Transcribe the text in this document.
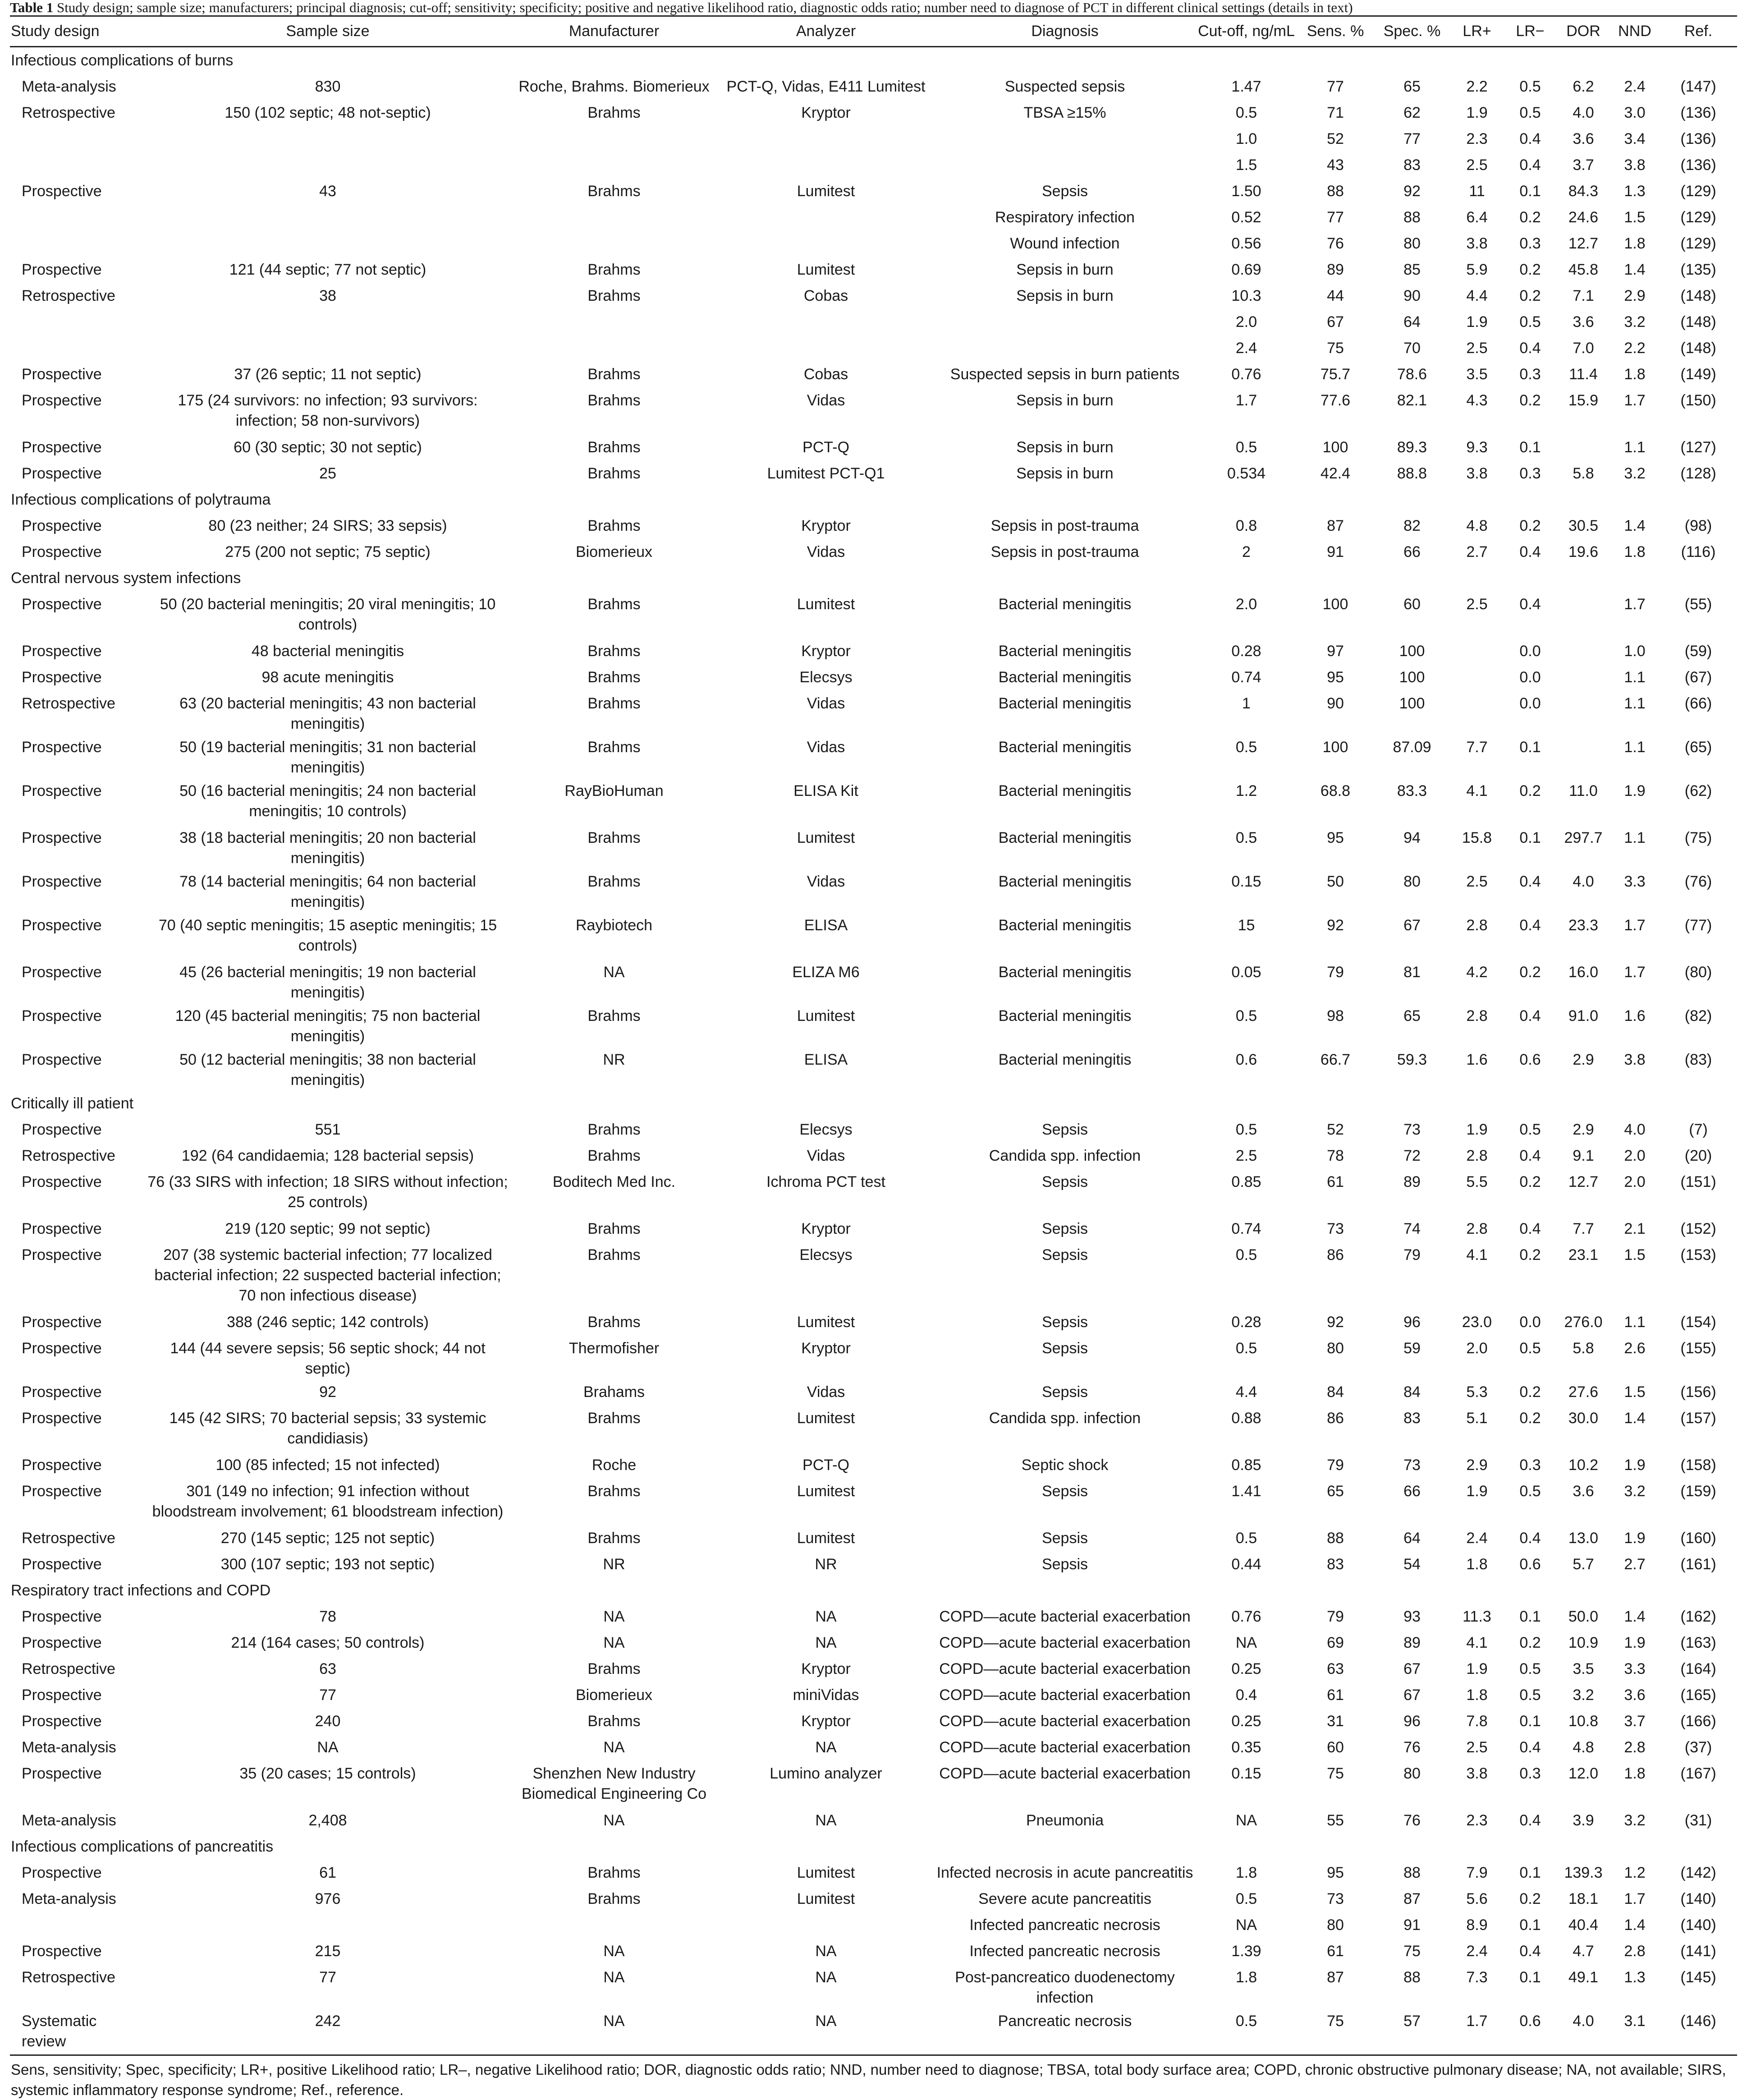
Table 1 Study design; sample size; manufacturers; principal diagnosis; cut-off; sensitivity; specificity; positive and negative likelihood ratio, diagnostic odds ratio; number need to diagnose of PCT in different clinical settings (details in text)
Study design	Sample size	Manufacturer	Analyzer	Diagnosis	Cut-off, ng/mL	Sens. %	Spec. %	LR+	LR−	DOR	NND	Ref.
Infectious complications of burns												
Meta-analysis	830	Roche, Brahms. Biomerieux	PCT-Q, Vidas, E411 Lumitest	Suspected sepsis	1.47	77	65	2.2	0.5	6.2	2.4	(147)
Retrospective	150 (102 septic; 48 not-septic)	Brahms	Kryptor	TBSA ≥15%	0.5	71	62	1.9	0.5	4.0	3.0	(136)
					1.0	52	77	2.3	0.4	3.6	3.4	(136)
					1.5	43	83	2.5	0.4	3.7	3.8	(136)
Prospective	43	Brahms	Lumitest	Sepsis	1.50	88	92	11	0.1	84.3	1.3	(129)
				Respiratory infection	0.52	77	88	6.4	0.2	24.6	1.5	(129)
				Wound infection	0.56	76	80	3.8	0.3	12.7	1.8	(129)
Prospective	121 (44 septic; 77 not septic)	Brahms	Lumitest	Sepsis in burn	0.69	89	85	5.9	0.2	45.8	1.4	(135)
Retrospective	38	Brahms	Cobas	Sepsis in burn	10.3	44	90	4.4	0.2	7.1	2.9	(148)
					2.0	67	64	1.9	0.5	3.6	3.2	(148)
					2.4	75	70	2.5	0.4	7.0	2.2	(148)
Prospective	37 (26 septic; 11 not septic)	Brahms	Cobas	Suspected sepsis in burn patients	0.76	75.7	78.6	3.5	0.3	11.4	1.8	(149)
Prospective	175 (24 survivors: no infection; 93 survivors: infection; 58 non-survivors)	Brahms	Vidas	Sepsis in burn	1.7	77.6	82.1	4.3	0.2	15.9	1.7	(150)
Prospective	60 (30 septic; 30 not septic)	Brahms	PCT-Q	Sepsis in burn	0.5	100	89.3	9.3	0.1		1.1	(127)
Prospective	25	Brahms	Lumitest PCT-Q1	Sepsis in burn	0.534	42.4	88.8	3.8	0.3	5.8	3.2	(128)
Infectious complications of polytrauma												
Prospective	80 (23 neither; 24 SIRS; 33 sepsis)	Brahms	Kryptor	Sepsis in post-trauma	0.8	87	82	4.8	0.2	30.5	1.4	(98)
Prospective	275 (200 not septic; 75 septic)	Biomerieux	Vidas	Sepsis in post-trauma	2	91	66	2.7	0.4	19.6	1.8	(116)
Central nervous system infections												
Prospective	50 (20 bacterial meningitis; 20 viral meningitis; 10 controls)	Brahms	Lumitest	Bacterial meningitis	2.0	100	60	2.5	0.4		1.7	(55)
Prospective	48 bacterial meningitis	Brahms	Kryptor	Bacterial meningitis	0.28	97	100		0.0		1.0	(59)
Prospective	98 acute meningitis	Brahms	Elecsys	Bacterial meningitis	0.74	95	100		0.0		1.1	(67)
Retrospective	63 (20 bacterial meningitis; 43 non bacterial meningitis)	Brahms	Vidas	Bacterial meningitis	1	90	100		0.0		1.1	(66)
Prospective	50 (19 bacterial meningitis; 31 non bacterial meningitis)	Brahms	Vidas	Bacterial meningitis	0.5	100	87.09	7.7	0.1		1.1	(65)
Prospective	50 (16 bacterial meningitis; 24 non bacterial meningitis; 10 controls)	RayBioHuman	ELISA Kit	Bacterial meningitis	1.2	68.8	83.3	4.1	0.2	11.0	1.9	(62)
Prospective	38 (18 bacterial meningitis; 20 non bacterial meningitis)	Brahms	Lumitest	Bacterial meningitis	0.5	95	94	15.8	0.1	297.7	1.1	(75)
Prospective	78 (14 bacterial meningitis; 64 non bacterial meningitis)	Brahms	Vidas	Bacterial meningitis	0.15	50	80	2.5	0.4	4.0	3.3	(76)
Prospective	70 (40 septic meningitis; 15 aseptic meningitis; 15 controls)	Raybiotech	ELISA	Bacterial meningitis	15	92	67	2.8	0.4	23.3	1.7	(77)
Prospective	45 (26 bacterial meningitis; 19 non bacterial meningitis)	NA	ELIZA M6	Bacterial meningitis	0.05	79	81	4.2	0.2	16.0	1.7	(80)
Prospective	120 (45 bacterial meningitis; 75 non bacterial meningitis)	Brahms	Lumitest	Bacterial meningitis	0.5	98	65	2.8	0.4	91.0	1.6	(82)
Prospective	50 (12 bacterial meningitis; 38 non bacterial meningitis)	NR	ELISA	Bacterial meningitis	0.6	66.7	59.3	1.6	0.6	2.9	3.8	(83)
Critically ill patient												
Prospective	551	Brahms	Elecsys	Sepsis	0.5	52	73	1.9	0.5	2.9	4.0	(7)
Retrospective	192 (64 candidaemia; 128 bacterial sepsis)	Brahms	Vidas	Candida spp. infection	2.5	78	72	2.8	0.4	9.1	2.0	(20)
Prospective	76 (33 SIRS with infection; 18 SIRS without infection; 25 controls)	Boditech Med Inc.	Ichroma PCT test	Sepsis	0.85	61	89	5.5	0.2	12.7	2.0	(151)
Prospective	219 (120 septic; 99 not septic)	Brahms	Kryptor	Sepsis	0.74	73	74	2.8	0.4	7.7	2.1	(152)
Prospective	207 (38 systemic bacterial infection; 77 localized bacterial infection; 22 suspected bacterial infection; 70 non infectious disease)	Brahms	Elecsys	Sepsis	0.5	86	79	4.1	0.2	23.1	1.5	(153)
Prospective	388 (246 septic; 142 controls)	Brahms	Lumitest	Sepsis	0.28	92	96	23.0	0.0	276.0	1.1	(154)
Prospective	144 (44 severe sepsis; 56 septic shock; 44 not septic)	Thermofisher	Kryptor	Sepsis	0.5	80	59	2.0	0.5	5.8	2.6	(155)
Prospective	92	Brahams	Vidas	Sepsis	4.4	84	84	5.3	0.2	27.6	1.5	(156)
Prospective	145 (42 SIRS; 70 bacterial sepsis; 33 systemic candidiasis)	Brahms	Lumitest	Candida spp. infection	0.88	86	83	5.1	0.2	30.0	1.4	(157)
Prospective	100 (85 infected; 15 not infected)	Roche	PCT-Q	Septic shock	0.85	79	73	2.9	0.3	10.2	1.9	(158)
Prospective	301 (149 no infection; 91 infection without bloodstream involvement; 61 bloodstream infection)	Brahms	Lumitest	Sepsis	1.41	65	66	1.9	0.5	3.6	3.2	(159)
Retrospective	270 (145 septic; 125 not septic)	Brahms	Lumitest	Sepsis	0.5	88	64	2.4	0.4	13.0	1.9	(160)
Prospective	300 (107 septic; 193 not septic)	NR	NR	Sepsis	0.44	83	54	1.8	0.6	5.7	2.7	(161)
Respiratory tract infections and COPD												
Prospective	78	NA	NA	COPD—acute bacterial exacerbation	0.76	79	93	11.3	0.1	50.0	1.4	(162)
Prospective	214 (164 cases; 50 controls)	NA	NA	COPD—acute bacterial exacerbation	NA	69	89	4.1	0.2	10.9	1.9	(163)
Retrospective	63	Brahms	Kryptor	COPD—acute bacterial exacerbation	0.25	63	67	1.9	0.5	3.5	3.3	(164)
Prospective	77	Biomerieux	miniVidas	COPD—acute bacterial exacerbation	0.4	61	67	1.8	0.5	3.2	3.6	(165)
Prospective	240	Brahms	Kryptor	COPD—acute bacterial exacerbation	0.25	31	96	7.8	0.1	10.8	3.7	(166)
Meta-analysis	NA	NA	NA	COPD—acute bacterial exacerbation	0.35	60	76	2.5	0.4	4.8	2.8	(37)
Prospective	35 (20 cases; 15 controls)	Shenzhen New Industry Biomedical Engineering Co	Lumino analyzer	COPD—acute bacterial exacerbation	0.15	75	80	3.8	0.3	12.0	1.8	(167)
Meta-analysis	2,408	NA	NA	Pneumonia	NA	55	76	2.3	0.4	3.9	3.2	(31)
Infectious complications of pancreatitis												
Prospective	61	Brahms	Lumitest	Infected necrosis in acute pancreatitis	1.8	95	88	7.9	0.1	139.3	1.2	(142)
Meta-analysis	976	Brahms	Lumitest	Severe acute pancreatitis	0.5	73	87	5.6	0.2	18.1	1.7	(140)
				Infected pancreatic necrosis	NA	80	91	8.9	0.1	40.4	1.4	(140)
Prospective	215	NA	NA	Infected pancreatic necrosis	1.39	61	75	2.4	0.4	4.7	2.8	(141)
Retrospective	77	NA	NA	Post-pancreatico duodenectomy infection	1.8	87	88	7.3	0.1	49.1	1.3	(145)
Systematic review	242	NA	NA	Pancreatic necrosis	0.5	75	57	1.7	0.6	4.0	3.1	(146)
Sens, sensitivity; Spec, specificity; LR+, positive Likelihood ratio; LR–, negative Likelihood ratio; DOR, diagnostic odds ratio; NND, number need to diagnose; TBSA, total body surface area; COPD, chronic obstructive pulmonary disease; NA, not available; SIRS, systemic inflammatory response syndrome; Ref., reference.
